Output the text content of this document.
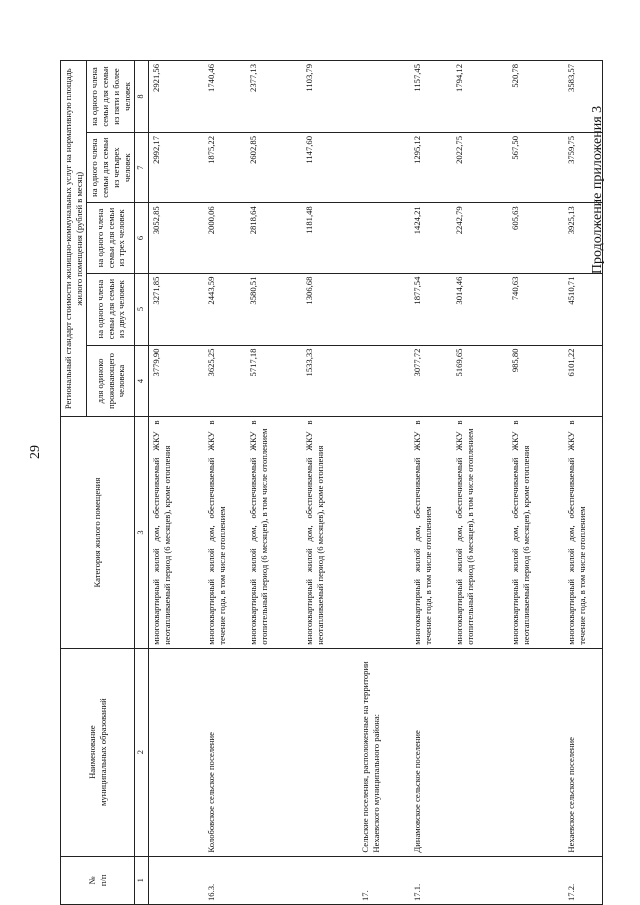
29
Продолжение приложения 3
№
п/п	Наименование
муниципальных образований	Категория жилого помещения	Региональный стандарт стоимости жилищно-коммунальных услуг на нормативную площадь жилого помещения (рублей в месяц)				
			для одиноко проживающего человека	на одного члена семьи для семьи из двух человек	на одного члена семьи для семьи из трех человек	на одного члена семьи для семьи из четырех человек	на одного члена семьи для семьи из пяти и более человек
1	2	3	4	5	6	7	8
		многоквартирный жилой дом, обеспечиваемый ЖКУ в неотапливаемый период (6 месяцев), кроме отопления	3779,90	3271,85	3052,85	2992,17	2921,56
16.3.	Колобовское сельское поселение	многоквартирный жилой дом, обеспечиваемый ЖКУ в течение года, в том числе отоплением	3625,25	2443,59	2000,06	1875,22	1740,46
		многоквартирный жилой дом, обеспечиваемый ЖКУ в отопительный период (6 месяцев), в том числе отоплением	5717,18	3580,51	2818,64	2602,85	2377,13
		многоквартирный жилой дом, обеспечиваемый ЖКУ в неотапливаемый период (6 месяцев), кроме отопления	1533,33	1306,68	1181,48	1147,60	1103,79
17.	Сельские поселения, расположенные на территории Нехаевского муниципального района:						
17.1.	Динамовское сельское поселение	многоквартирный жилой дом, обеспечиваемый ЖКУ в течение года, в том числе отоплением	3077,72	1877,54	1424,21	1295,12	1157,45
		многоквартирный жилой дом, обеспечиваемый ЖКУ в отопительный период (6 месяцев), в том числе отоплением	5169,65	3014,46	2242,79	2022,75	1794,12
		многоквартирный жилой дом, обеспечиваемый ЖКУ в неотапливаемый период (6 месяцев), кроме отопления	985,80	740,63	605,63	567,50	520,78
17.2.	Нехаевское сельское поселение	многоквартирный жилой дом, обеспечиваемый ЖКУ в течение года, в том числе отоплением	6101,22	4510,71	3925,13	3759,75	3583,57
